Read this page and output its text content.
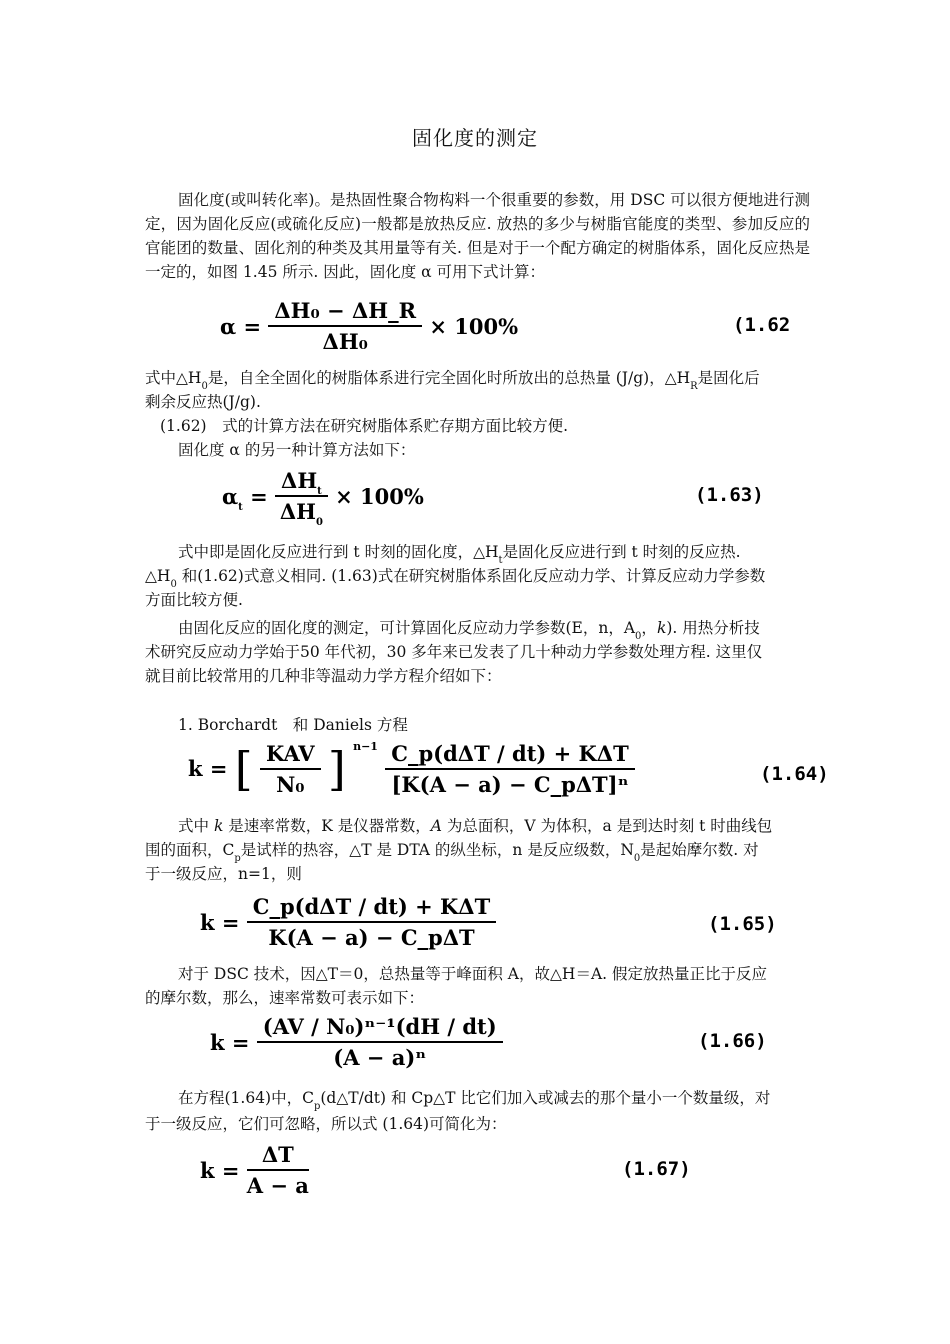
固化度的测定
固化度(或叫转化率)。是热固性聚合物构料一个很重要的参数，用 DSC 可以很方便地进行测定，因为固化反应(或硫化反应)一般都是放热反应. 放热的多少与树脂官能度的类型、参加反应的官能团的数量、固化剂的种类及其用量等有关. 但是对于一个配方确定的树脂体系，固化反应热是一定的，如图 1.45 所示. 因此，固化度 α 可用下式计算：
$\alpha = \frac{\text{ΔH₀ − ΔH\_R}}{\text{ΔH₀}} \times 100\%$	(1.62
式中$\triangle H_0$是，自全全固化的树脂体系进行完全固化时所放出的总热量 (J/g)，$\triangle H_R$是固化后
剩余反应热(J/g).
(1.62)　式的计算方法在研究树脂体系贮存期方面比较方便.
固化度 α 的另一种计算方法如下：
$\alpha_t = \frac{\Delta H_t}{\Delta H_0} \times 100\%$	(1.63)
式中即是固化反应进行到 t 时刻的固化度，$\triangle H_t$是固化反应进行到 t 时刻的反应热.
$\triangle H_0$ 和(1.62)式意义相同. (1.63)式在研究树脂体系固化反应动力学、计算反应动力学参数
方面比较方便.
由固化反应的固化度的测定，可计算固化反应动力学参数(E，n，$A_0$，k). 用热分析技
术研究反应动力学始于50 年代初，30 多年来已发表了几十种动力学参数处理方程. 这里仅
就目前比较常用的几种非等温动力学方程介绍如下：
1. Borchardt　和 Daniels 方程
k = [ $\frac{\text{KAV}}{\text{N₀}}$ ] $^{n-1} \frac{\text{C\_p(dΔT / dt) + KΔT}}{\text{[K(A − a) − C\_pΔT]ⁿ}}$	(1.64)
式中 k 是速率常数，K 是仪器常数，A 为总面积，V 为体积，a 是到达时刻 t 时曲线包
围的面积，$C_p$是试样的热容，△T 是 DTA 的纵坐标，n 是反应级数，$N_0$是起始摩尔数. 对
于一级反应，n=1，则
$k = \frac{\text{C\_p(dΔT / dt) + KΔT}}{\text{K(A − a) − C\_pΔT}}$	(1.65)
对于 DSC 技术，因△T＝0，总热量等于峰面积 A，故△H＝A. 假定放热量正比于反应
的摩尔数，那么，速率常数可表示如下：
$k = \frac{\text{(AV / N₀)ⁿ⁻¹(dH / dt)}}{\text{(A − a)ⁿ}}$	(1.66)
在方程(1.64)中，$C_p(d\triangle T/dt)$ 和 Cp△T 比它们加入或减去的那个量小一个数量级，对
于一级反应，它们可忽略，所以式 (1.64)可简化为：
$k = \frac{\Delta T}{A - a}$	(1.67)
